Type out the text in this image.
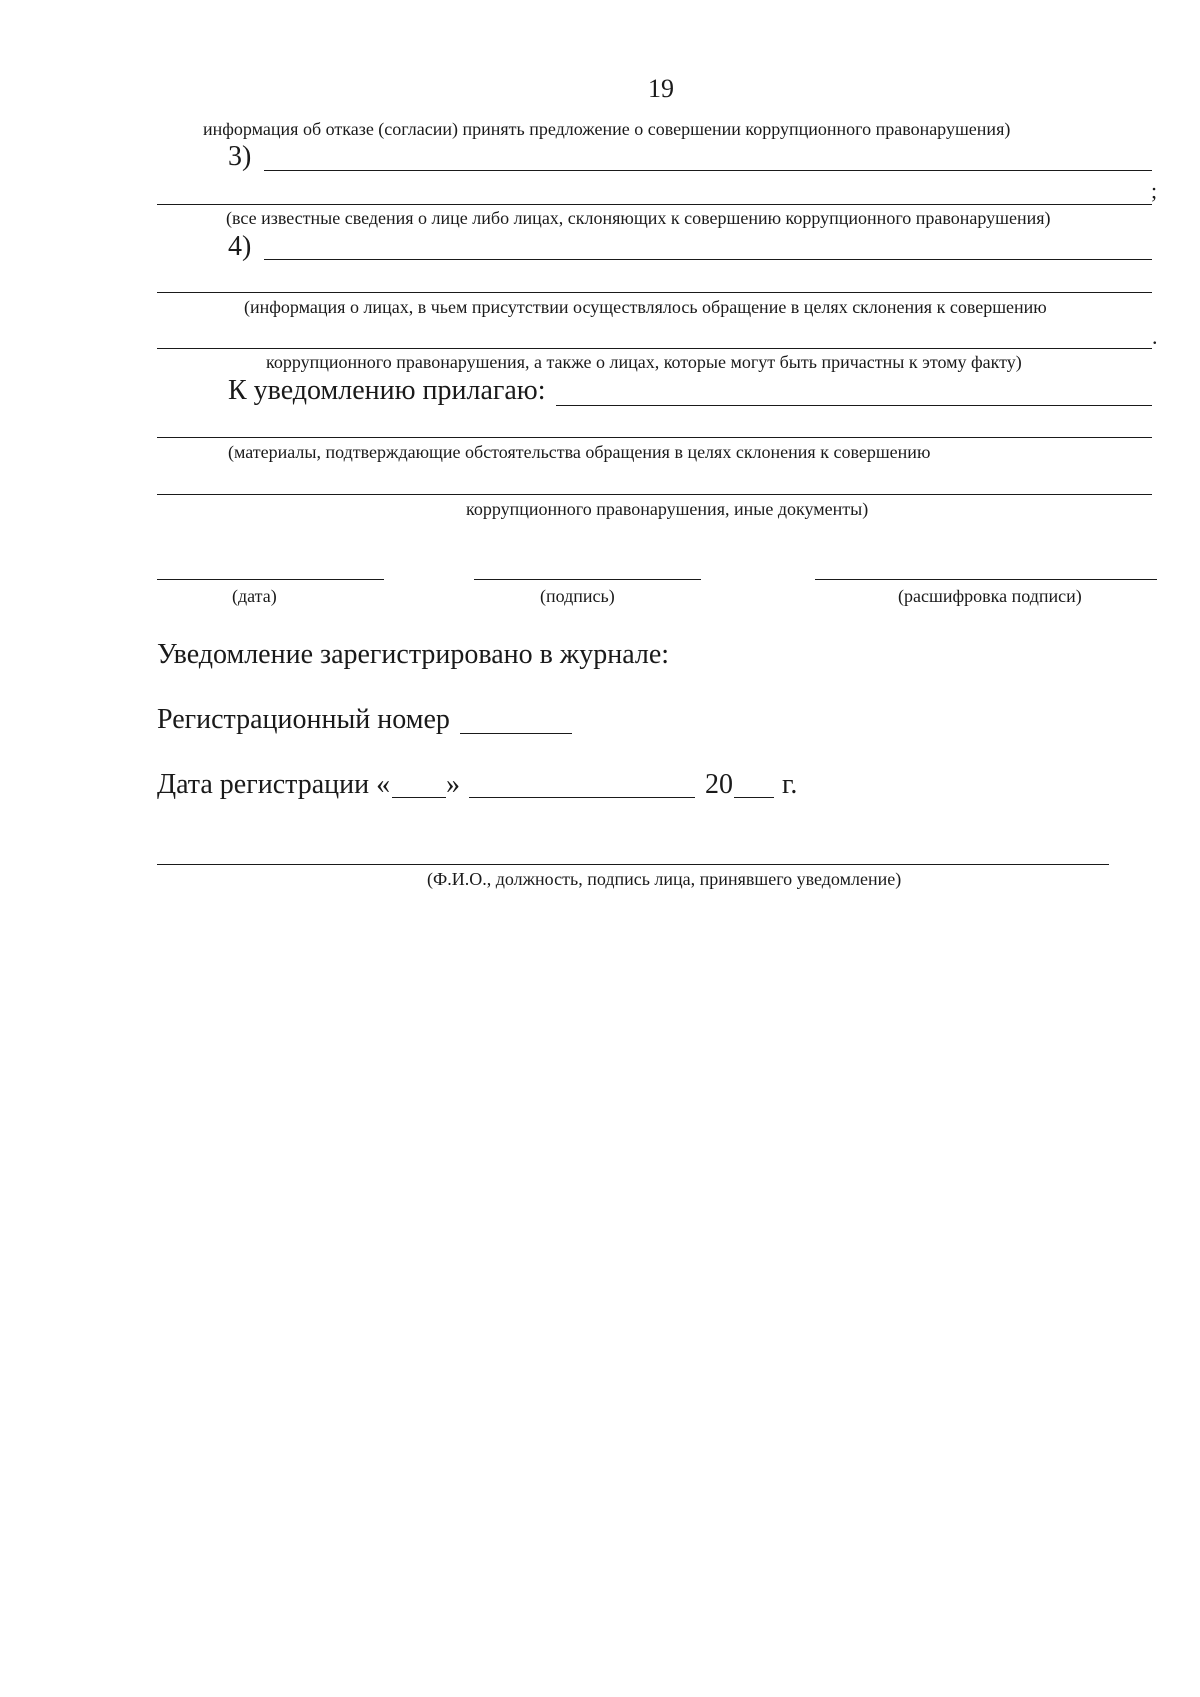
19
информация об отказе (согласии) принять предложение о совершении коррупционного правонарушения)
3)
;
(все известные сведения о лице либо лицах, склоняющих к совершению коррупционного правонарушения)
4)
(информация о лицах, в чьем присутствии осуществлялось обращение в целях склонения к совершению
.
коррупционного правонарушения, а также о лицах, которые могут быть причастны к этому факту)
К уведомлению прилагаю:
(материалы, подтверждающие обстоятельства обращения в целях склонения к совершению
коррупционного правонарушения, иные документы)
(дата)	(подпись)	(расшифровка подписи)
Уведомление зарегистрировано в журнале:
Регистрационный номер
Дата регистрации « »	20 г.
(Ф.И.О., должность, подпись лица, принявшего уведомление)
